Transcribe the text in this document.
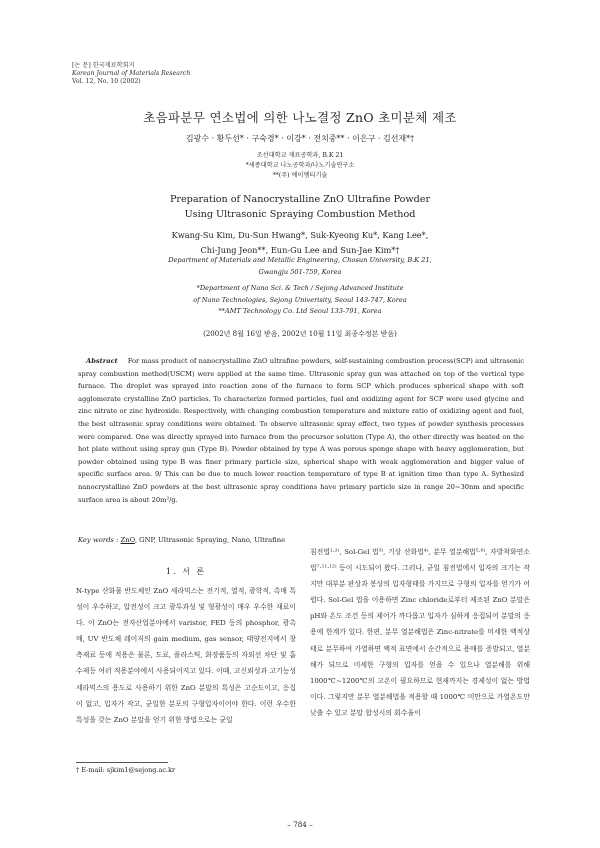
[논 문] 한국재료학회지
Korean Journal of Materials Research
Vol. 12, No. 10 (2002)
초음파분무 연소법에 의한 나노결정 ZnO 초미분체 제조
김광수 · 황두선* · 구숙경* · 이강* · 전치중** · 이은구 · 김선재*†
조선대학교 재료공학과, B.K 21
*세종대학교 나노공학과/나노기술연구소
**(주) 에이엠티기술
Preparation of Nanocrystalline ZnO Ultrafine Powder
Using Ultrasonic Spraying Combustion Method
Kwang-Su Kim, Du-Sun Hwang*, Suk-Kyeong Ku*, Kang Lee*,
Chi-Jung Jeon**, Eun-Gu Lee and Sun-Jae Kim*†
Department of Materials and Metallic Engineering, Chosun University, B.K 21,
Gwangju 501-759, Korea
*Department of Nano Sci. & Tech / Sejong Advanced Institute
of Nano Technologies, Sejong Univerisity, Seoul 143-747, Korea
**AMT Technology Co. Ltd Seoul 133-791, Korea
(2002년 8월 16일 받음, 2002년 10월 11일 최종수정본 받음)
Abstract For mass product of nanocrystalline ZnO ultrafine powders, self-sustaining combustion process(SCP) and ultrasonic spray combustion method(USCM) were applied at the same time. Ultrasonic spray gun was attached on top of the vertical type furnace. The droplet was sprayed into reaction zone of the furnace to form SCP which produces spherical shape with soft agglomerate crystalline ZnO particles. To characterize formed particles, fuel and oxidizing agent for SCP were used glycine and zinc nitrate or zinc hydroxide. Respectively, with changing combustion temperature and mixture ratio of oxidizing agent and fuel, the best ultrasonic spray conditions were obtained. To observe ultrasonic spray effect, two types of powder synthesis processes were compared. One was directly sprayed into furnace from the precursor solution (Type A), the other directly was heated on the hot plate without using spray gun (Type B). Powder obtained by type A was porous sponge shape with heavy agglomeration, but powder obtained using type B was finer primary particle size, spherical shape with weak agglomeration and bigger value of specific surface area. 9/ This can be due to much lower reaction temperature of type B at ignition time than type A. Sythesizd nanocrystalline ZnO powders at the best ultrasonic spray conditions have primary particle size in range 20~30nm and specific surface area is about 20m²/g.
Key words : ZnO, GNP, Ultrasonic Spraying, Nano, Ultrafine
1. 서 론
N-type 산화물 반도체인 ZnO 세라믹스는 전기적, 열적, 광학적, 촉매 특성이 우수하고, 압전성이 크고 광투과성 및 형광성이 매우 우수한 재료이다. 이 ZnO는 전자산업분야에서 varistor, FED 등의 phosphor, 광촉매, UV 반도체 레이저의 gain medium, gas sensor, 태양전지에서 창측재료 등에 적용은 물론, 도료, 플라스틱, 화장품등의 자외선 차단 및 흡수제등 여러 적용분야에서 사용되어지고 있다. 이때, 고신뢰성과 고기능성 세라믹스의 용도로 사용하기 위한 ZnO 분말의 특성은 고순도이고, 응집이 없고, 입자가 작고, 균일한 분포의 구형입자이어야 한다. 이런 우수한 특성을 갖는 ZnO 분말을 얻기 위한 방법으로는 균일
침전법¹·²⁾, Sol-Gel 법³⁾, 기상 산화법⁴⁾, 분무 열분해법⁵·⁶⁾, 자발착화연소법⁷·¹¹·¹²⁾ 등이 시도되어 왔다. 그러나, 균일 침전법에서 입자의 크기는 작지만 대부분 판상과 봉상의 입자형태를 가지므로 구형의 입자를 얻기가 어렵다. Sol-Gel 법을 이용하면 Zinc chloride로부터 제조된 ZnO 분말은 pH와 온도 조건 등의 제어가 까다롭고 입자가 심하게 응집되어 분말의 응용에 한계가 있다. 한편, 분무 열분해법은 Zinc-nitrate를 미세한 액적상태로 분무하여 가열하면 액적 표면에서 순간적으로 용매를 증발되고, 열분해가 되므로 미세한 구형의 입자를 얻을 수 있으나 열분해를 위해 1000℃~1200℃의 고온이 필요하므로 현재까지는 경제성이 없는 방법이다. 그렇지만 분무 열분해법을 적용할 때 1000℃ 미만으로 가열온도만 낮출 수 있고 분말 합성시의 회수율이
† E-mail: sjkim1@sejong.ac.kr
– 784 –
